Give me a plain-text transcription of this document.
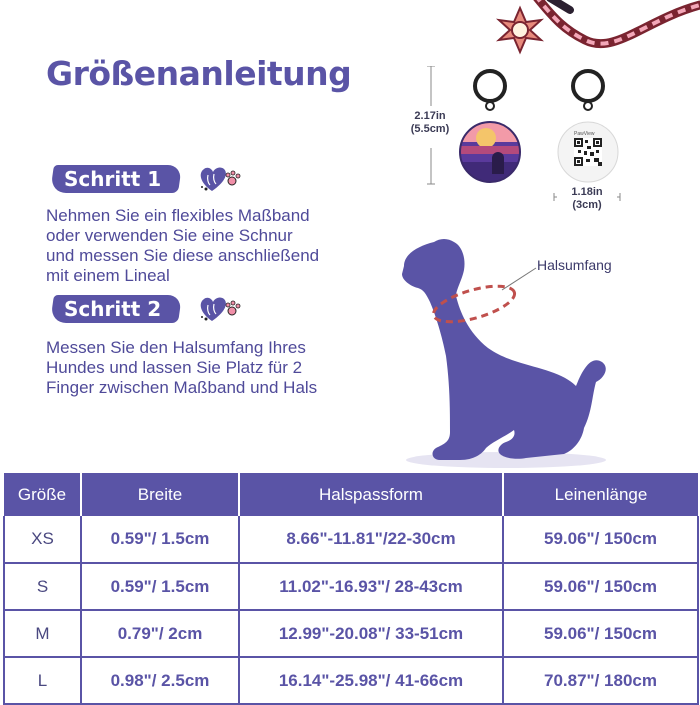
Größenanleitung
2.17in
(5.5cm)	PawView
1.18in
(3cm)
Schritt 1
Nehmen Sie ein flexibles Maßband
oder verwenden Sie eine Schnur
und messen Sie diese anschließend
mit einem Lineal
Schritt 2
Messen Sie den Halsumfang Ihres
Hundes und lassen Sie Platz für 2
Finger zwischen Maßband und Hals
Halsumfang
Größe	Breite	Halspassform	Leinenlänge
XS	0.59"/ 1.5cm	8.66"-11.81"/22-30cm	59.06"/ 150cm
S	0.59"/ 1.5cm	11.02"-16.93"/ 28-43cm	59.06"/ 150cm
M	0.79"/ 2cm	12.99"-20.08"/ 33-51cm	59.06"/ 150cm
L	0.98"/ 2.5cm	16.14"-25.98"/ 41-66cm	70.87"/ 180cm
